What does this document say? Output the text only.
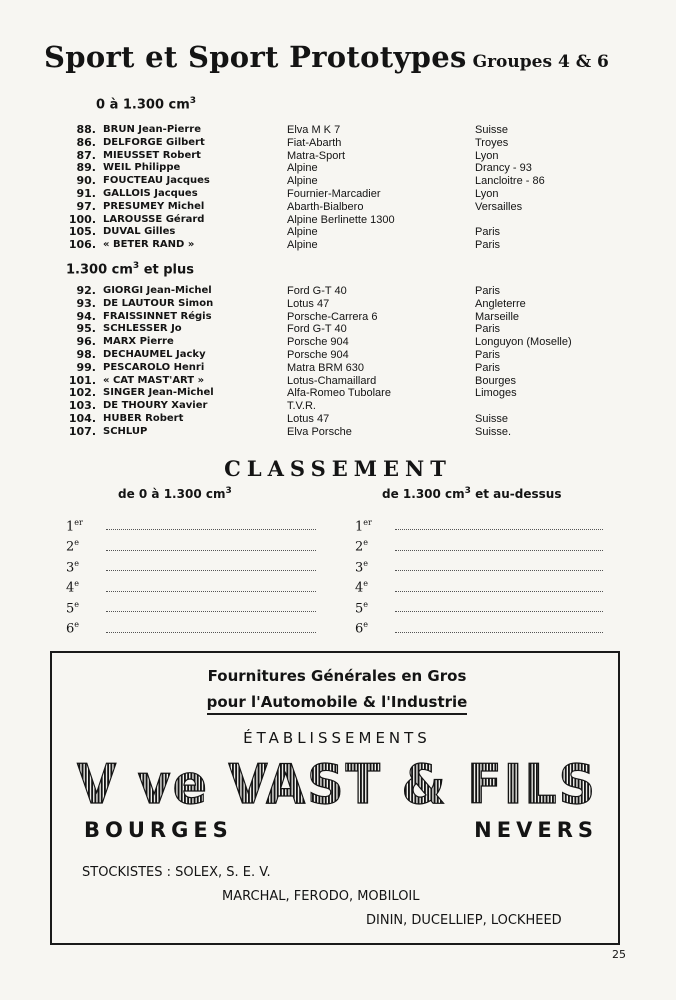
Sport et Sport Prototypes Groupes 4 & 6
0 à 1.300 $cm^3$
88.	BRUN Jean-Pierre	Elva M K 7	Suisse
86.	DELFORGE Gilbert	Fiat-Abarth	Troyes
87.	MIEUSSET Robert	Matra-Sport	Lyon
89.	WEIL Philippe	Alpine	Drancy - 93
90.	FOUCTEAU Jacques	Alpine	Lancloitre - 86
91.	GALLOIS Jacques	Fournier-Marcadier	Lyon
97.	PRESUMEY Michel	Abarth-Bialbero	Versailles
100.	LAROUSSE Gérard	Alpine Berlinette 1300	
105.	DUVAL Gilles	Alpine	Paris
106.	« BETER RAND »	Alpine	Paris
1.300 $cm^3$ et plus
92.	GIORGI Jean-Michel	Ford G-T 40	Paris
93.	DE LAUTOUR Simon	Lotus 47	Angleterre
94.	FRAISSINNET Régis	Porsche-Carrera 6	Marseille
95.	SCHLESSER Jo	Ford G-T 40	Paris
96.	MARX Pierre	Porsche 904	Longuyon (Moselle)
98.	DECHAUMEL Jacky	Porsche 904	Paris
99.	PESCAROLO Henri	Matra BRM 630	Paris
101.	« CAT MAST'ART »	Lotus-Chamaillard	Bourges
102.	SINGER Jean-Michel	Alfa-Romeo Tubolare	Limoges
103.	DE THOURY Xavier	T.V.R.	
104.	HUBER Robert	Lotus 47	Suisse
107.	SCHLUP	Elva Porsche	Suisse.
CLASSEMENT
de 0 à 1.300 $cm^3$	de 1.300 $cm^3$ et au-dessus
1er
2e
3e
4e
5e
6e
1er
2e
3e
4e
5e
6e
Fournitures Générales en Gros
pour l'Automobile & l'Industrie
ÉTABLISSEMENTS
V ve VAST & FILS
BOURGES	NEVERS
STOCKISTES : SOLEX, S. E. V.
MARCHAL, FERODO, MOBILOIL
DININ, DUCELLIEP, LOCKHEED
25
